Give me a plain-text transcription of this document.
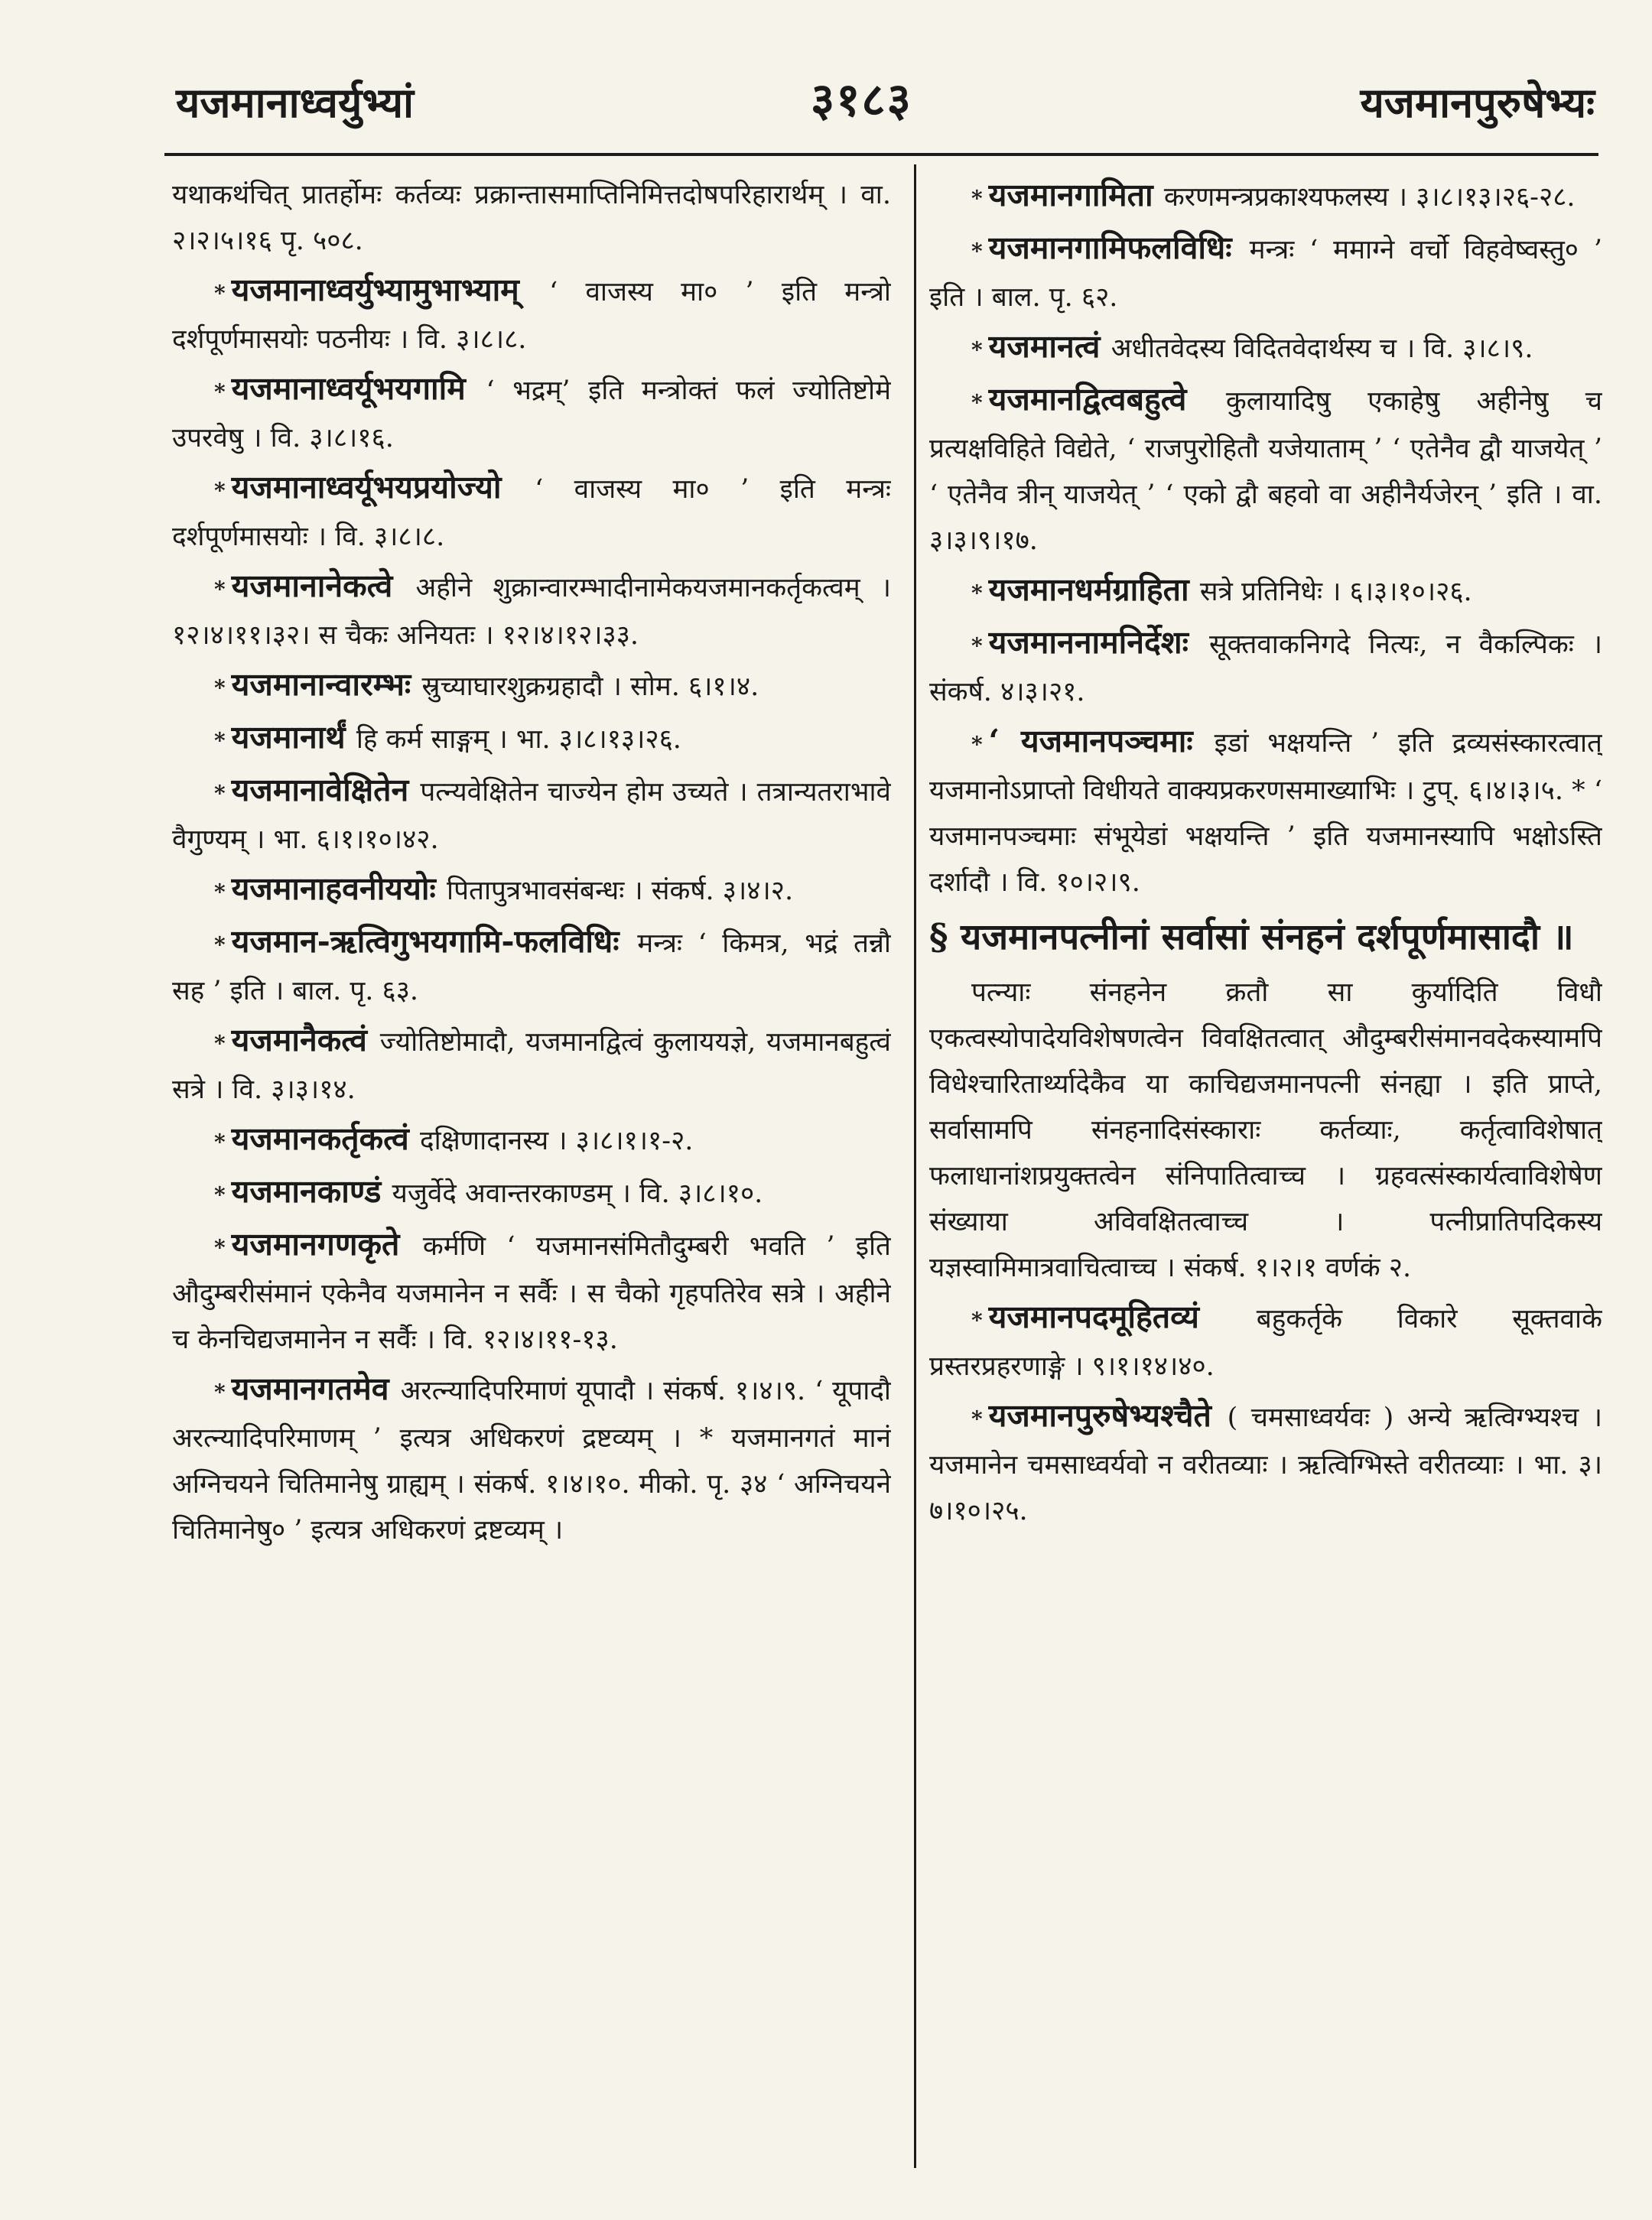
यजमानाध्वर्युभ्यां	३१८३	यजमानपुरुषेभ्यः

यथाकथंचित् प्रातर्होमः कर्तव्यः प्रक्रान्तासमाप्तिनिमित्तदोषपरिहारार्थम् । वा. २।२।५।१६ पृ. ५०८.

* यजमानाध्वर्युभ्यामुभाभ्याम् ‘ वाजस्य मा० ’ इति मन्त्रो दर्शपूर्णमासयोः पठनीयः । वि. ३।८।८.

* यजमानाध्वर्यूभयगामि ‘ भद्रम्’ इति मन्त्रोक्तं फलं ज्योतिष्टोमे उपरवेषु । वि. ३।८।१६.

* यजमानाध्वर्यूभयप्रयोज्यो ‘ वाजस्य मा० ’ इति मन्त्रः दर्शपूर्णमासयोः । वि. ३।८।८.

* यजमानानेकत्वे अहीने शुक्रान्वारम्भादीनामेकयजमानकर्तृकत्वम् । १२।४।११।३२। स चैकः अनियतः । १२।४।१२।३३.

* यजमानान्वारम्भः स्रुच्याघारशुक्रग्रहादौ । सोम. ६।१।४.

* यजमानार्थं हि कर्म साङ्गम् । भा. ३।८।१३।२६.

* यजमानावेक्षितेन पत्न्यवेक्षितेन चाज्येन होम उच्यते । तत्रान्यतराभावे वैगुण्यम् । भा. ६।१।१०।४२.

* यजमानाहवनीययोः पितापुत्रभावसंबन्धः । संकर्ष. ३।४।२.

* यजमान-ऋत्विगुभयगामि-फलविधिः मन्त्रः ‘ किमत्र, भद्रं तन्नौ सह ’ इति । बाल. पृ. ६३.

* यजमानैकत्वं ज्योतिष्टोमादौ, यजमानद्वित्वं कुलाययज्ञे, यजमानबहुत्वं सत्रे । वि. ३।३।१४.

* यजमानकर्तृकत्वं दक्षिणादानस्य । ३।८।१।१-२.

* यजमानकाण्डं यजुर्वेदे अवान्तरकाण्डम् । वि. ३।८।१०.

* यजमानगणकृते कर्मणि ‘ यजमानसंमितौदुम्बरी भवति ’ इति औदुम्बरीसंमानं एकेनैव यजमानेन न सर्वैः । स चैको गृहपतिरेव सत्रे । अहीने च केनचिद्यजमानेन न सर्वैः । वि. १२।४।११-१३.

* यजमानगतमेव अरत्न्यादिपरिमाणं यूपादौ । संकर्ष. १।४।९. ‘ यूपादौ अरत्न्यादिपरिमाणम् ’ इत्यत्र अधिकरणं द्रष्टव्यम् । * यजमानगतं मानं अग्निचयने चितिमानेषु ग्राह्यम् । संकर्ष. १।४।१०. मीको. पृ. ३४ ‘ अग्निचयने चितिमानेषु० ’ इत्यत्र अधिकरणं द्रष्टव्यम् ।

* यजमानगामिता करणमन्त्रप्रकाश्यफलस्य । ३।८।१३।२६-२८.

* यजमानगामिफलविधिः मन्त्रः ‘ ममाग्ने वर्चो विहवेष्वस्तु० ’ इति । बाल. पृ. ६२.

* यजमानत्वं अधीतवेदस्य विदितवेदार्थस्य च । वि. ३।८।९.

* यजमानद्वित्वबहुत्वे कुलायादिषु एकाहेषु अहीनेषु च प्रत्यक्षविहिते विद्येते, ‘ राजपुरोहितौ यजेयाताम् ’ ‘ एतेनैव द्वौ याजयेत् ’ ‘ एतेनैव त्रीन् याजयेत् ’ ‘ एको द्वौ बहवो वा अहीनैर्यजेरन् ’ इति । वा. ३।३।९।१७.

* यजमानधर्मग्राहिता सत्रे प्रतिनिधेः । ६।३।१०।२६.

* यजमाननामनिर्देशः सूक्तवाकनिगदे नित्यः, न वैकल्पिकः । संकर्ष. ४।३।२१.

* ‘ यजमानपञ्चमाः इडां भक्षयन्ति ’ इति द्रव्यसंस्कारत्वात् यजमानोऽप्राप्तो विधीयते वाक्यप्रकरणसमाख्याभिः । टुप्. ६।४।३।५. * ‘ यजमानपञ्चमाः संभूयेडां भक्षयन्ति ’ इति यजमानस्यापि भक्षोऽस्ति दर्शादौ । वि. १०।२।९.

§ यजमानपत्नीनां सर्वासां संनहनं दर्शपूर्णमासादौ ॥

पत्न्याः संनहनेन क्रतौ सा कुर्यादिति विधौ एकत्वस्योपादेयविशेषणत्वेन विवक्षितत्वात् औदुम्बरीसंमानवदेकस्यामपि विधेश्चारितार्थ्यादेकैव या काचिद्यजमानपत्नी संनह्या । इति प्राप्ते, सर्वासामपि संनहनादिसंस्काराः कर्तव्याः, कर्तृत्वाविशेषात् फलाधानांशप्रयुक्तत्वेन संनिपातित्वाच्च । ग्रहवत्संस्कार्यत्वाविशेषेण संख्याया अविवक्षितत्वाच्च । पत्नीप्रातिपदिकस्य यज्ञस्वामिमात्रवाचित्वाच्च । संकर्ष. १।२।१ वर्णकं २.

* यजमानपदमूहितव्यं बहुकर्तृके विकारे सूक्तवाके प्रस्तरप्रहरणाङ्गे । ९।१।१४।४०.

* यजमानपुरुषेभ्यश्चैते ( चमसाध्वर्यवः ) अन्ये ऋत्विग्भ्यश्च । यजमानेन चमसाध्वर्यवो न वरीतव्याः । ऋत्विग्भिस्ते वरीतव्याः । भा. ३।७।१०।२५.
